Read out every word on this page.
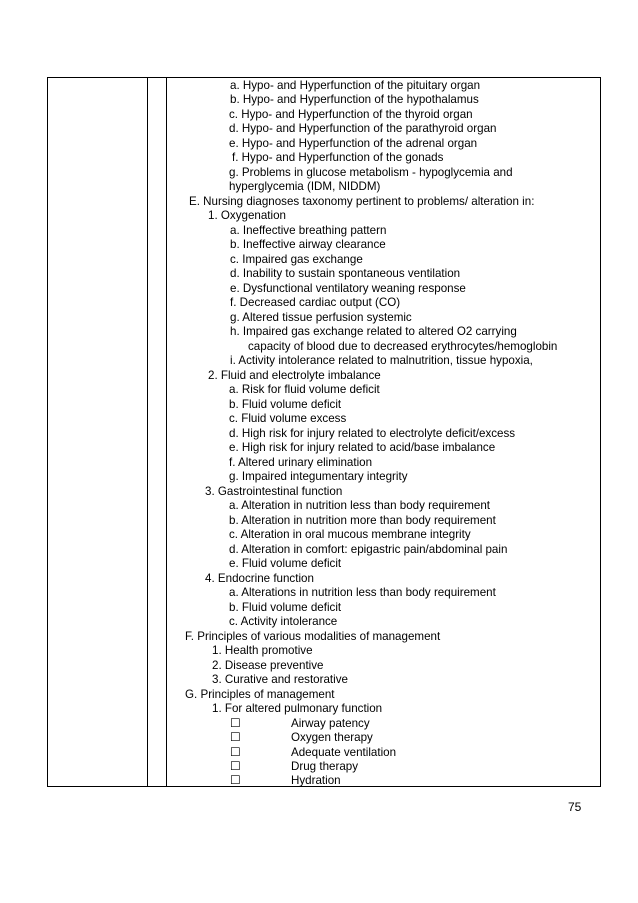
a. Hypo- and Hyperfunction of the pituitary organ
b. Hypo- and Hyperfunction of the hypothalamus
c. Hypo- and Hyperfunction of the thyroid organ
d. Hypo- and Hyperfunction of the parathyroid organ
e. Hypo- and Hyperfunction of the adrenal organ
f. Hypo- and Hyperfunction of the gonads
g. Problems in glucose metabolism - hypoglycemia and
hyperglycemia (IDM, NIDDM)
E. Nursing diagnoses taxonomy pertinent to problems/ alteration in:
1. Oxygenation
a. Ineffective breathing pattern
b. Ineffective airway clearance
c. Impaired gas exchange
d. Inability to sustain spontaneous ventilation
e. Dysfunctional ventilatory weaning response
f. Decreased cardiac output (CO)
g. Altered tissue perfusion systemic
h. Impaired gas exchange related to altered O2 carrying
capacity of blood due to decreased erythrocytes/hemoglobin
i. Activity intolerance related to malnutrition, tissue hypoxia,
2. Fluid and electrolyte imbalance
a. Risk for fluid volume deficit
b. Fluid volume deficit
c. Fluid volume excess
d. High risk for injury related to electrolyte deficit/excess
e. High risk for injury related to acid/base imbalance
f. Altered urinary elimination
g. Impaired integumentary integrity
3. Gastrointestinal function
a. Alteration in nutrition less than body requirement
b. Alteration in nutrition more than body requirement
c. Alteration in oral mucous membrane integrity
d. Alteration in comfort: epigastric pain/abdominal pain
e. Fluid volume deficit
4. Endocrine function
a. Alterations in nutrition less than body requirement
b. Fluid volume deficit
c. Activity intolerance
F. Principles of various modalities of management
1. Health promotive
2. Disease preventive
3. Curative and restorative
G. Principles of management
1. For altered pulmonary function
☐	Airway patency
☐	Oxygen therapy
☐	Adequate ventilation
☐	Drug therapy
☐	Hydration
75
